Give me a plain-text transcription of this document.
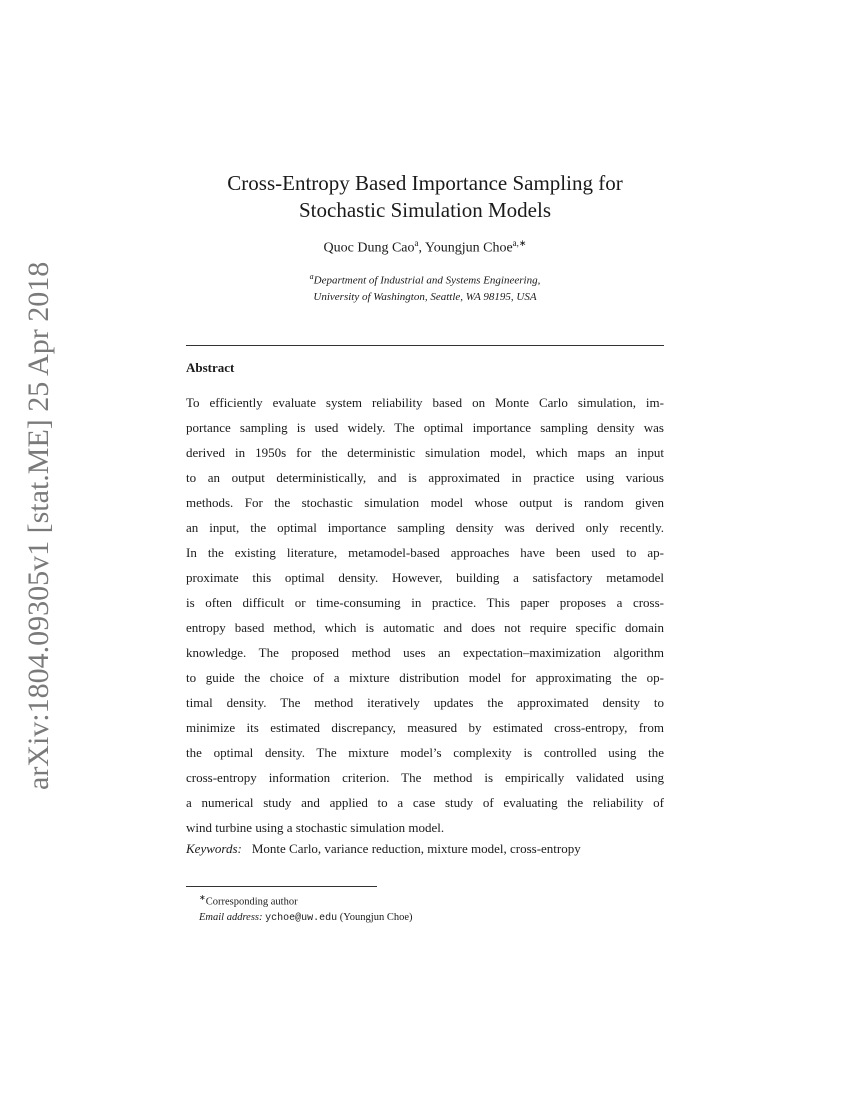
arXiv:1804.09305v1 [stat.ME] 25 Apr 2018
Cross-Entropy Based Importance Sampling for
Stochastic Simulation Models
Quoc Dung Cao$^a$, Youngjun Choe$^{a,∗}$
$^a$Department of Industrial and Systems Engineering,
University of Washington, Seattle, WA 98195, USA
Abstract
To efficiently evaluate system reliability based on Monte Carlo simulation, im-
portance sampling is used widely. The optimal importance sampling density was
derived in 1950s for the deterministic simulation model, which maps an input
to an output deterministically, and is approximated in practice using various
methods. For the stochastic simulation model whose output is random given
an input, the optimal importance sampling density was derived only recently.
In the existing literature, metamodel-based approaches have been used to ap-
proximate this optimal density. However, building a satisfactory metamodel
is often difficult or time-consuming in practice. This paper proposes a cross-
entropy based method, which is automatic and does not require specific domain
knowledge. The proposed method uses an expectation–maximization algorithm
to guide the choice of a mixture distribution model for approximating the op-
timal density. The method iteratively updates the approximated density to
minimize its estimated discrepancy, measured by estimated cross-entropy, from
the optimal density. The mixture model’s complexity is controlled using the
cross-entropy information criterion. The method is empirically validated using
a numerical study and applied to a case study of evaluating the reliability of
wind turbine using a stochastic simulation model.
Keywords: Monte Carlo, variance reduction, mixture model, cross-entropy
∗Corresponding author
Email address: ychoe@uw.edu (Youngjun Choe)
